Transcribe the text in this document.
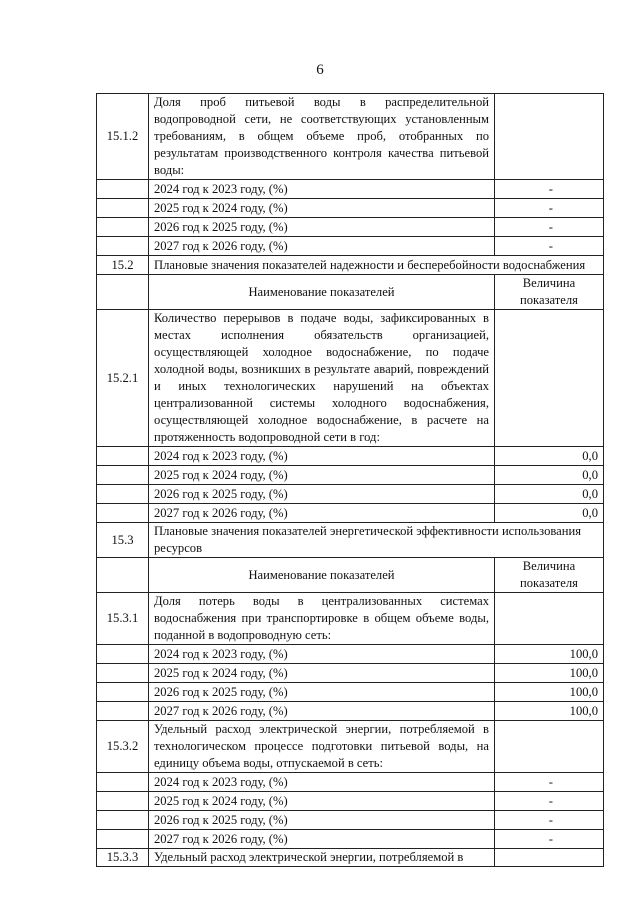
6
15.1.2	Доля проб питьевой воды в распределительной водопроводной сети, не соответствующих установленным требованиям, в общем объеме проб, отобранных по результатам производственного контроля качества питьевой воды:	
	2024 год к 2023 году, (%)	-
	2025 год к 2024 году, (%)	-
	2026 год к 2025 году, (%)	-
	2027 год к 2026 году, (%)	-
15.2	Плановые значения показателей надежности и бесперебойности водоснабжения	
	Наименование показателей	Величина показателя
15.2.1	Количество перерывов в подаче воды, зафиксированных в местах исполнения обязательств организацией, осуществляющей холодное водоснабжение, по подаче холодной воды, возникших в результате аварий, повреждений и иных технологических нарушений на объектах централизованной системы холодного водоснабжения, осуществляющей холодное водоснабжение, в расчете на протяженность водопроводной сети в год:	
	2024 год к 2023 году, (%)	0,0
	2025 год к 2024 году, (%)	0,0
	2026 год к 2025 году, (%)	0,0
	2027 год к 2026 году, (%)	0,0
15.3	Плановые значения показателей энергетической эффективности использования ресурсов	
	Наименование показателей	Величина показателя
15.3.1	Доля потерь воды в централизованных системах водоснабжения при транспортировке в общем объеме воды, поданной в водопроводную сеть:	
	2024 год к 2023 году, (%)	100,0
	2025 год к 2024 году, (%)	100,0
	2026 год к 2025 году, (%)	100,0
	2027 год к 2026 году, (%)	100,0
15.3.2	Удельный расход электрической энергии, потребляемой в технологическом процессе подготовки питьевой воды, на единицу объема воды, отпускаемой в сеть:	
	2024 год к 2023 году, (%)	-
	2025 год к 2024 году, (%)	-
	2026 год к 2025 году, (%)	-
	2027 год к 2026 году, (%)	-
15.3.3	Удельный расход электрической энергии, потребляемой в	
